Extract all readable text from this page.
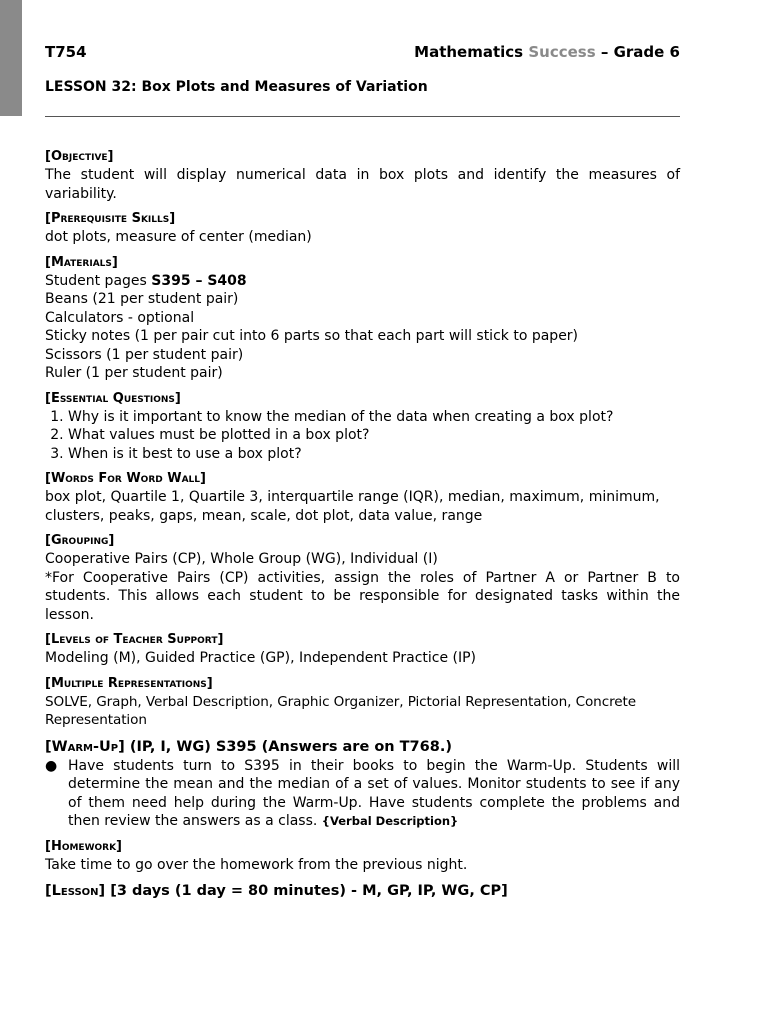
T754	Mathematics Success – Grade 6
LESSON 32: Box Plots and Measures of Variation
[Objective]
The student will display numerical data in box plots and identify the measures of variability.
[Prerequisite Skills]
dot plots, measure of center (median)
[Materials]
Student pages S395 – S408
Beans (21 per student pair)
Calculators - optional
Sticky notes (1 per pair cut into 6 parts so that each part will stick to paper)
Scissors (1 per student pair)
Ruler (1 per student pair)
[Essential Questions]
1. Why is it important to know the median of the data when creating a box plot?
2. What values must be plotted in a box plot?
3. When is it best to use a box plot?
[Words For Word Wall]
box plot, Quartile 1, Quartile 3, interquartile range (IQR), median, maximum, minimum, clusters, peaks, gaps, mean, scale, dot plot, data value, range
[Grouping]
Cooperative Pairs (CP), Whole Group (WG), Individual (I)
*For Cooperative Pairs (CP) activities, assign the roles of Partner A or Partner B to students. This allows each student to be responsible for designated tasks within the lesson.
[Levels of Teacher Support]
Modeling (M), Guided Practice (GP), Independent Practice (IP)
[Multiple Representations]
SOLVE, Graph, Verbal Description, Graphic Organizer, Pictorial Representation, Concrete Representation
[Warm-Up] (IP, I, WG) S395 (Answers are on T768.)
● Have students turn to S395 in their books to begin the Warm-Up. Students will determine the mean and the median of a set of values. Monitor students to see if any of them need help during the Warm-Up. Have students complete the problems and then review the answers as a class. {Verbal Description}
[Homework]
Take time to go over the homework from the previous night.
[Lesson] [3 days (1 day = 80 minutes) - M, GP, IP, WG, CP]
